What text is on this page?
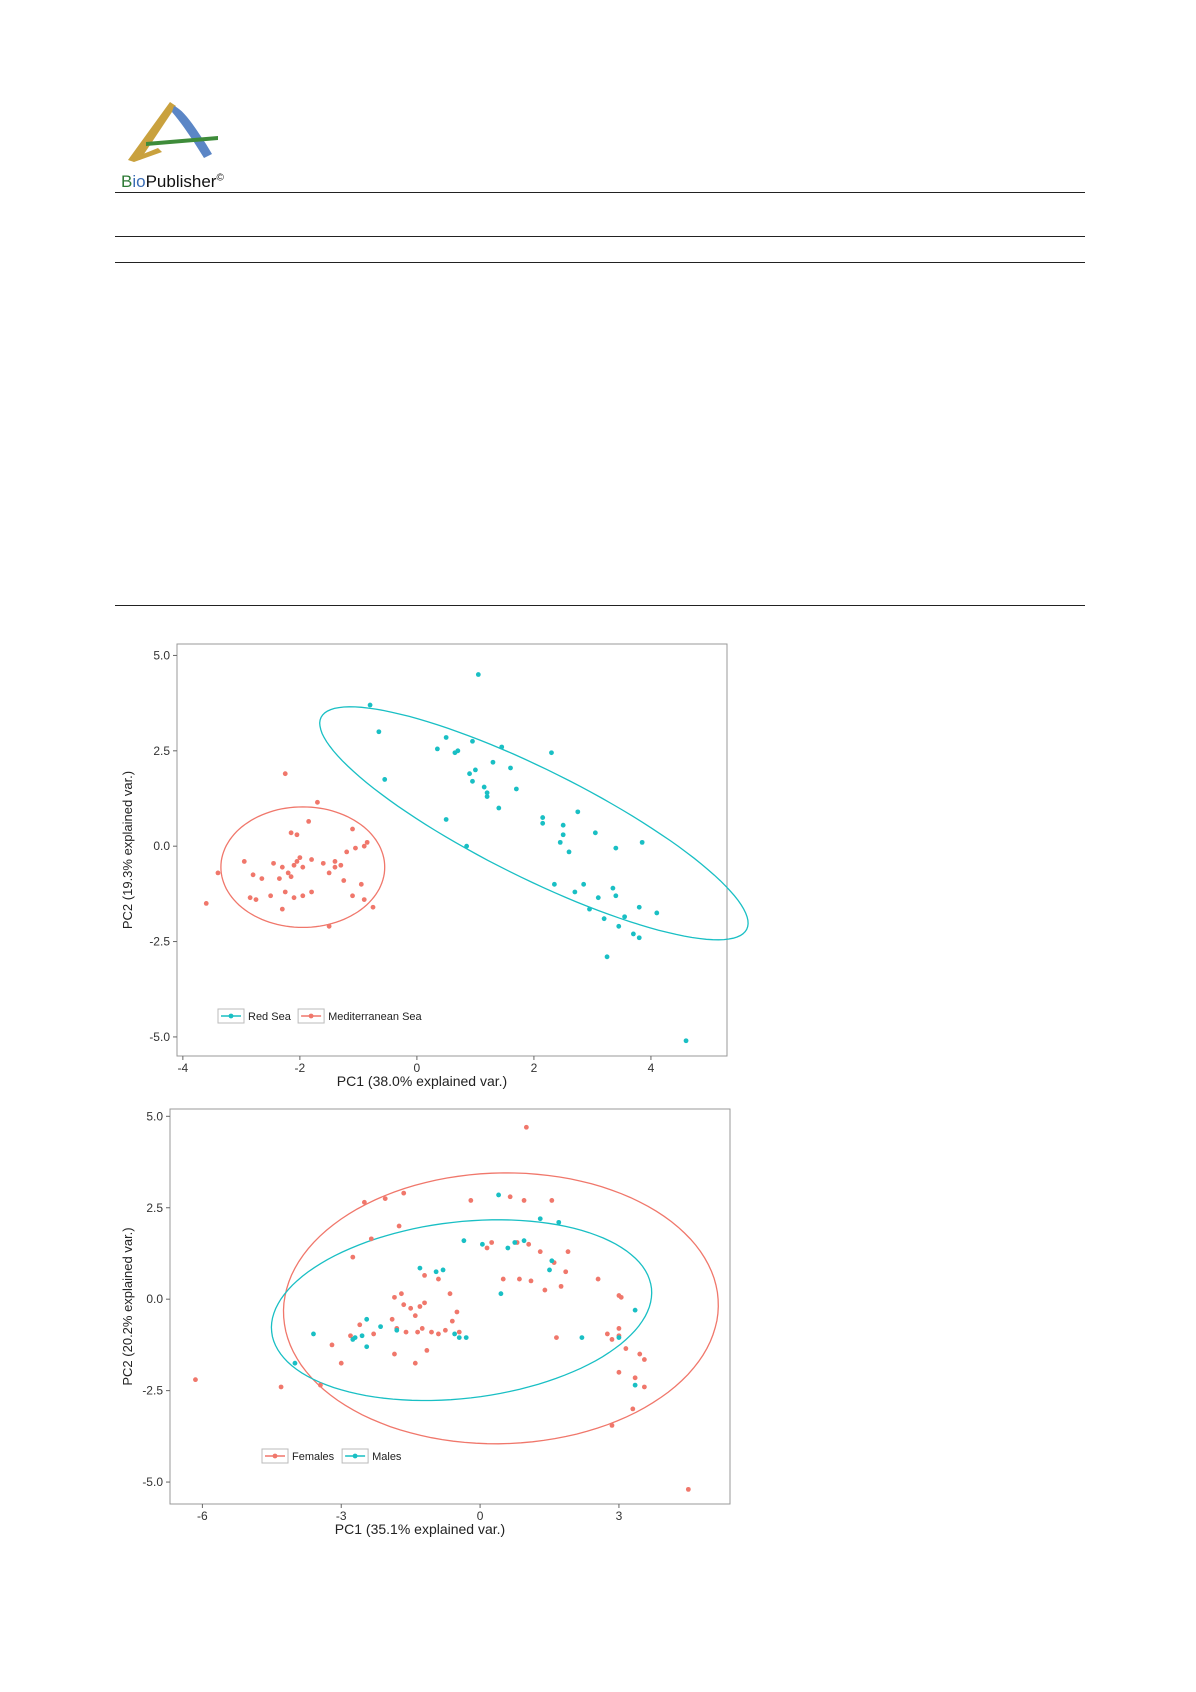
BioPublisher©
5.0
2.5
0.0
-2.5
-5.0
-4	-2	0	2	4
PC1 (38.0% explained var.)
PC2 (19.3% explained var.)
Red Sea	Mediterranean Sea
5.0
2.5
0.0
-2.5
-5.0
-6	-3	0	3
PC1 (35.1% explained var.)
PC2 (20.2% explained var.)
Females	Males
